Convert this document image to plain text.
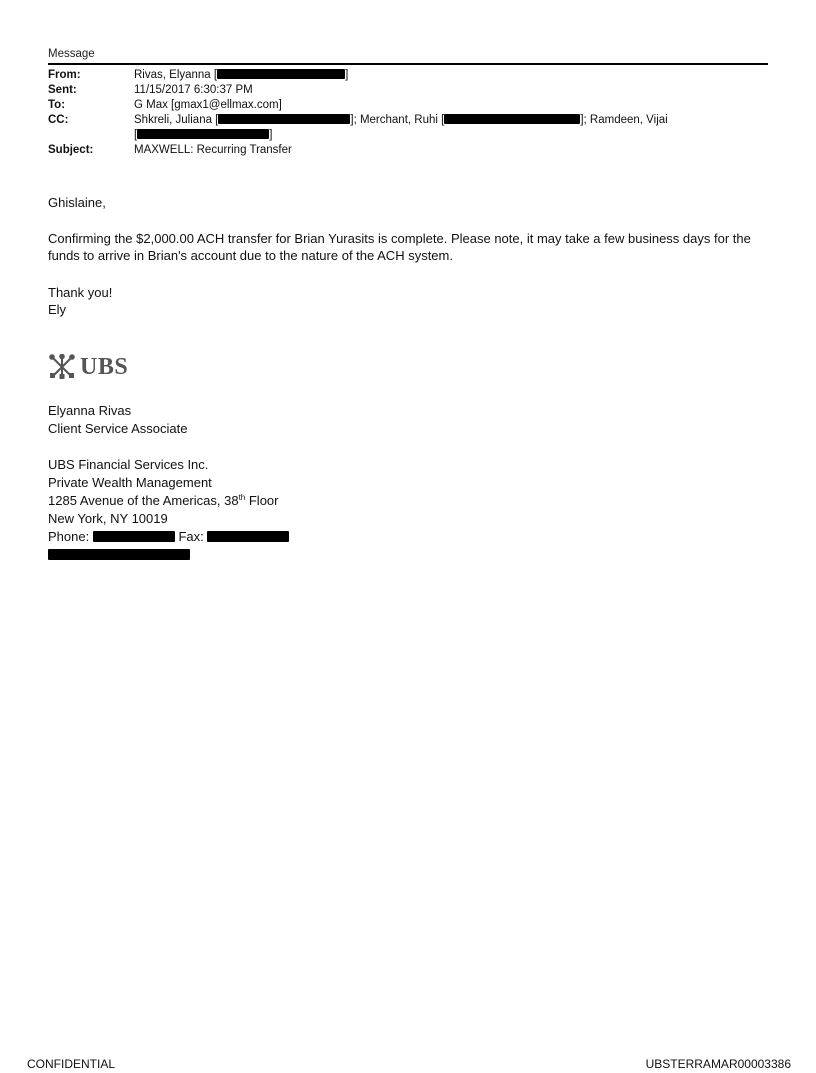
Message
From:	Rivas, Elyanna [	]
Sent:	11/15/2017 6:30:37 PM
To:	G Max [gmax1@ellmax.com]
CC:	Shkreli, Juliana [	]; Merchant, Ruhi [	]; Ramdeen, Vijai
[	]
Subject:	MAXWELL: Recurring Transfer
Ghislaine,
Confirming the $2,000.00 ACH transfer for Brian Yurasits is complete. Please note, it may take a few business days for the funds to arrive in Brian's account due to the nature of the ACH system.
Thank you!
Ely
UBS
Elyanna Rivas
Client Service Associate
UBS Financial Services Inc.
Private Wealth Management
1285 Avenue of the Americas, 38th Floor
New York, NY 10019
Phone:	Fax:
CONFIDENTIAL	UBSTERRAMAR00003386
